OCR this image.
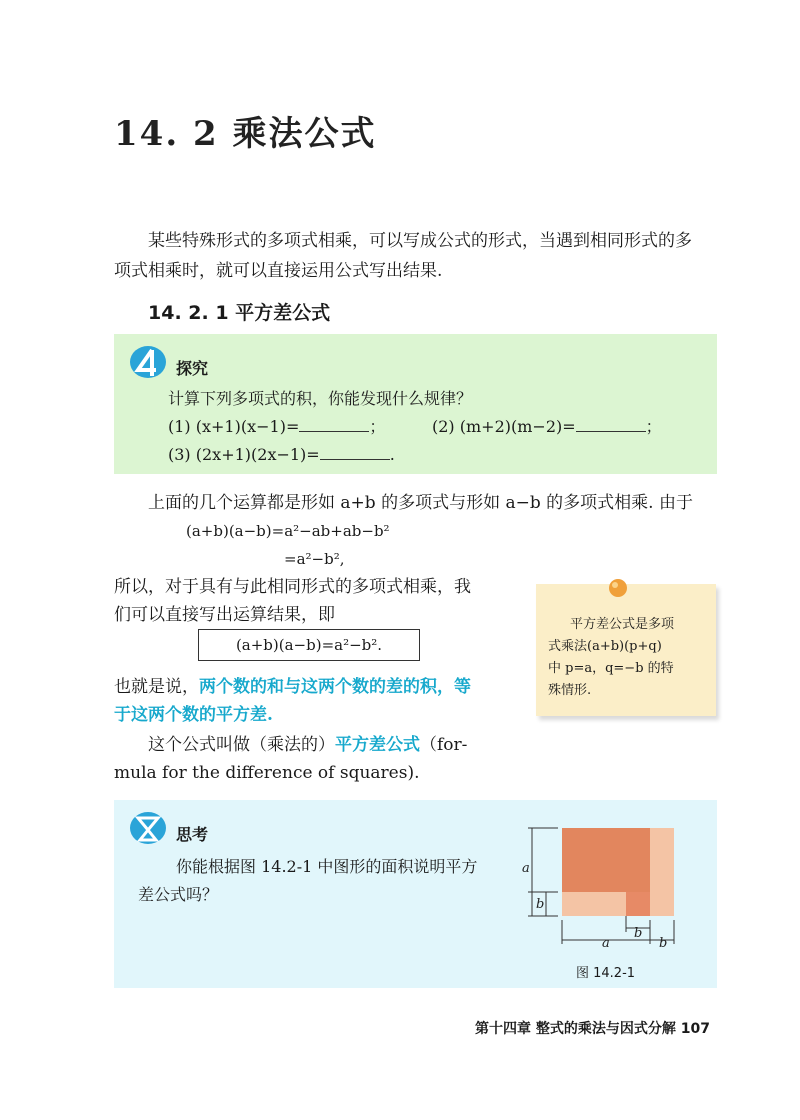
14. 2 乘法公式
某些特殊形式的多项式相乘，可以写成公式的形式，当遇到相同形式的多
项式相乘时，就可以直接运用公式写出结果.
14. 2. 1 平方差公式
探究
计算下列多项式的积，你能发现什么规律？
(1) (x+1)(x−1)=	；	(2) (m+2)(m−2)=	；
(3) (2x+1)(2x−1)=	.
上面的几个运算都是形如 a+b 的多项式与形如 a−b 的多项式相乘. 由于
(a+b)(a−b)=a²−ab+ab−b²
=a²−b²,
所以，对于具有与此相同形式的多项式相乘，我
们可以直接写出运算结果，即
(a+b)(a−b)=a²−b².
也就是说，两个数的和与这两个数的差的积，等
于这两个数的平方差.
这个公式叫做（乘法的）平方差公式（for-
mula for the difference of squares).
平方差公式是多项
式乘法(a+b)(p+q)
中 p=a，q=−b 的特
殊情形.
思考
你能根据图 14.2-1 中图形的面积说明平方
差公式吗？
a
b
a
b
b
图 14.2-1
第十四章 整式的乘法与因式分解 107
